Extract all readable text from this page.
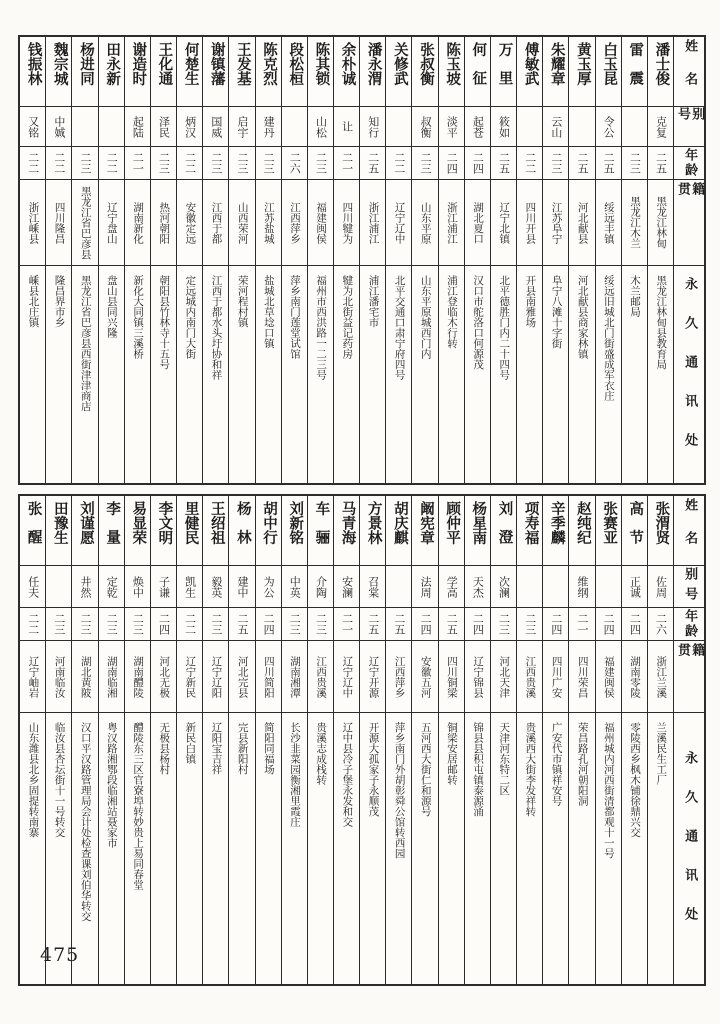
姓名
别号
年龄
籍贯
永久通讯处
潘士俊
克复
二五
黑龙江林甸
黑龙江林甸县教育局
雷震
二三
黑龙江木兰
木兰邮局
白玉昆
令公
二五
绥远丰镇
绥远旧城北门街盛成军衣庄
黄玉厚
二五
河北献县
河北献县商家林镇
朱耀章
云山
二三
江苏阜宁
阜宁八滩十字街
傅敏武
二二
四川开县
开县南雅场
万里
筱如
二五
辽宁北镇
北平德胜门内二十四号
何征
起苍
二四
湖北夏口
汉口市舵洛口何源茂
陈玉坡
淡平
二四
浙江浦江
浦江登临木行转
张叔衡
叔衡
二三
山东平原
山东平原城西门内
关修武
二二
辽宁辽中
北平交通口肃宁府四号
潘永渭
知行
二五
浙江浦江
浦江潘宅市
余朴诚
让
二一
四川犍为
犍为北街益记药房
陈其锁
山松
二三
福建闽侯
福州市西洪路一二三号
段松桓
二六
江西萍乡
萍乡南门莲堂试馆
陈克烈
建丹
二三
江苏盐城
盐城北草埝口镇
王发基
启宇
二三
山西荣河
荣河程村镇
谢镇藩
国威
二三
江西于都
江西于都水头圩协和祥
何楚生
炳汉
二二
安徽定远
定远城内南门大街
王化通
泽民
二三
热河朝阳
朝阳县竹林寺十五号
谢造时
起陆
二一
湖南新化
新化大同镇三溪桥
田永新
二二
辽宁盘山
盘山县同兴隆
杨进同
二三
黑龙江省巴彦县
黑龙江省巴彦县西街津津商店
魏宗城
中娍
二二
四川隆昌
隆昌界市乡
钱振林
又铭
二二
浙江嵊县
嵊县北庄镇
姓名
别号
年龄
籍贯
永久通讯处
张渭贤
佐周
二六
浙江兰溪
兰溪民生工厂
高节
正诚
二四
湖南零陵
零陵西乡枫木铺徐鼎兴交
张赛亚
二四
福建闽侯
福州城内河西街清都观十一号
赵纯纪
维纲
二一
四川荣昌
荣昌路孔河朝阳洞
辛季麟
二四
四川广安
广安代市镇祥安号
项寿福
二三
江西贵溪
贵溪西大街李发祥转
刘澄
次澜
二三
河北天津
天津河东特二区
杨星南
天杰
二四
辽宁锦县
锦县县积屯镇泰源涌
顾仲平
学高
二五
四川铜梁
铜梁安居邮转
阚宪章
法周
二四
安徽五河
五河西大街仁和源号
胡庆麒
二五
江西萍乡
萍乡南门外胡彰舜公馆转西园
方景林
召棠
二五
辽宁开源
开源大孤家子永顺茂
马青海
安澜
二一
辽宁辽中
辽中县冷子堡永发和交
车骊
介陶
二三
江西贵溪
贵溪志成栈转
刘新铭
中英
二三
湖南湘潭
长沙韭菜园衡湘里霞庄
胡中行
为公
二四
四川简阳
简阳同福场
杨林
建中
二五
河北完县
完县新阳村
王绍祖
毅英
二三
辽宁辽阳
辽阳宝吉祥
里健民
凯生
二二
辽宁新民
新民白镇
李文明
子谦
二四
河北无极
无极县杨村
易显荣
焕中
二三
湖南醴陵
醴陵东三区官寮埠转妙贵上易同春堂
李量
定乾
二三
湖南临湘
粤汉路湘鄂段临湘站聂家市
刘谨愿
井然
二三
湖北黄陂
汉口平汉路管理局会计处检查课刘伯华转交
田豫生
二三
河南临汝
临汝县杏坛街十一号转交
张醒
任夫
二二
辽宁岫岩
山东潍县北乡固提转南寨
475
